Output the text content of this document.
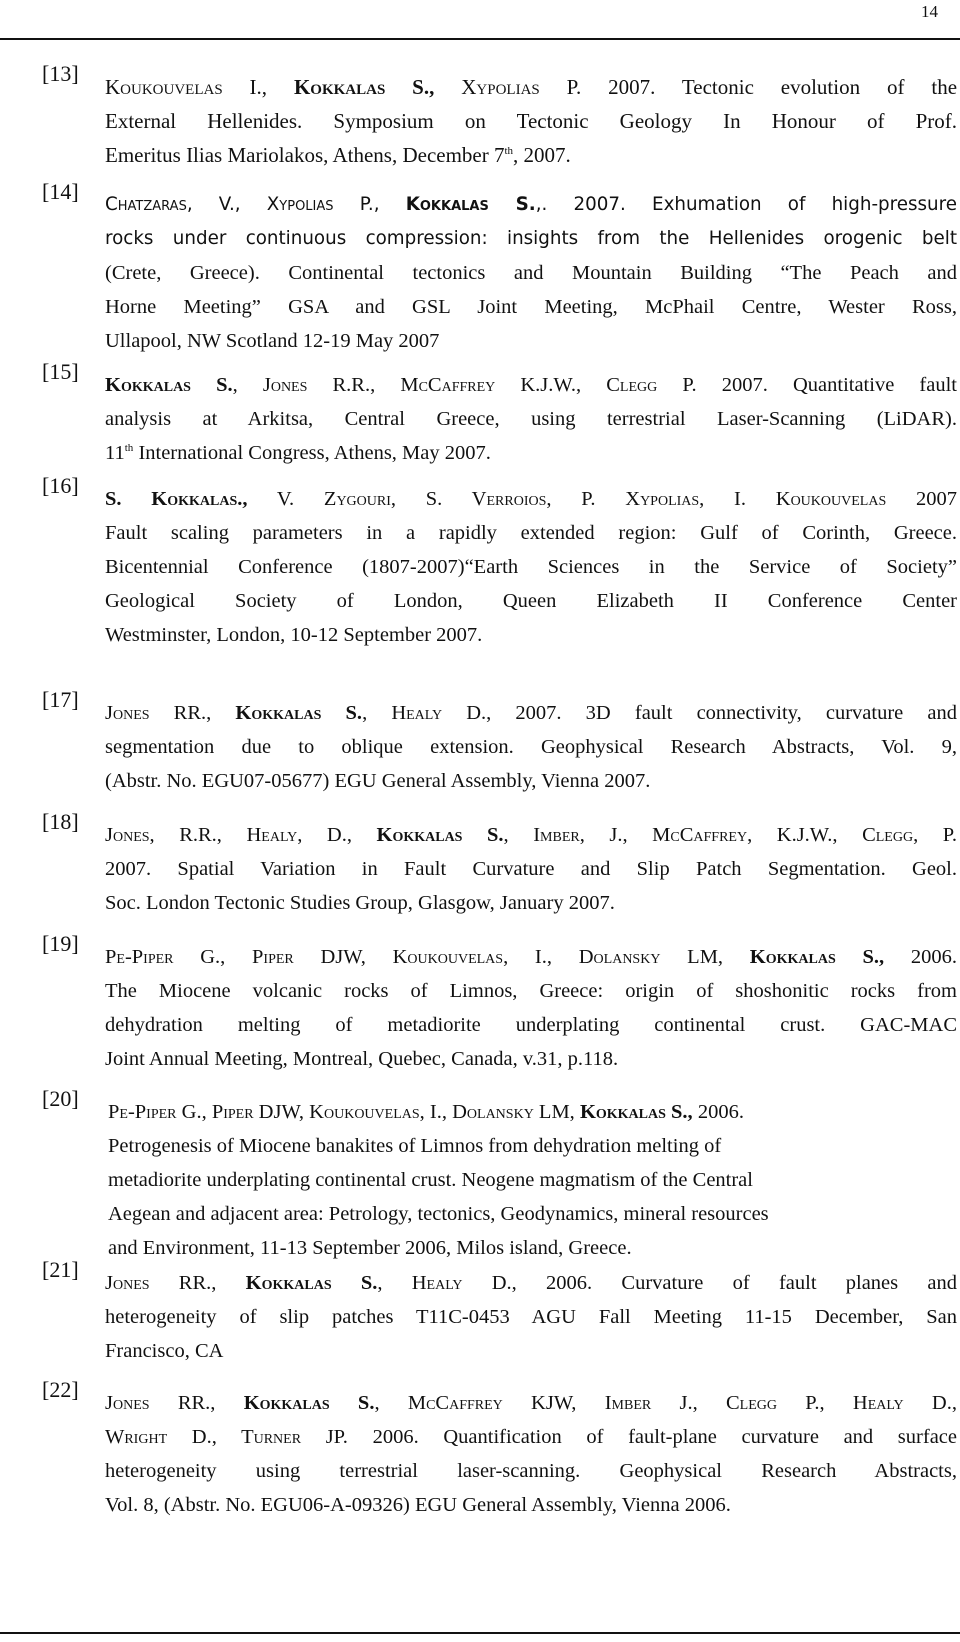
14
[13]
Koukouvelas I., Kokkalas S., Xypolias P. 2007. Tectonic evolution of the
External Hellenides. Symposium on Tectonic Geology In Honour of Prof.
Emeritus Ilias Mariolakos, Athens, December 7th, 2007.
[14]
Chatzaras, V., Xypolias P., Kokkalas S.,. 2007. Exhumation of high-pressure
rocks under continuous compression: insights from the Hellenides orogenic belt
(Crete, Greece). Continental tectonics and Mountain Building “The Peach and
Horne Meeting” GSA and GSL Joint Meeting, McPhail Centre, Wester Ross,
Ullapool, NW Scotland 12-19 May 2007
[15]
Kokkalas S., Jones R.R., McCaffrey K.J.W., Clegg P. 2007. Quantitative fault
analysis at Arkitsa, Central Greece, using terrestrial Laser-Scanning (LiDAR).
11th International Congress, Athens, May 2007.
[16]
S. Kokkalas., V. Zygouri, S. Verroios, P. Xypolias, I. Koukouvelas 2007
Fault scaling parameters in a rapidly extended region: Gulf of Corinth, Greece.
Bicentennial Conference (1807-2007)“Earth Sciences in the Service of Society”
Geological Society of London, Queen Elizabeth II Conference Center
Westminster, London, 10-12 September 2007.
[17]
Jones RR., Kokkalas S., Healy D., 2007. 3D fault connectivity, curvature and
segmentation due to oblique extension. Geophysical Research Abstracts, Vol. 9,
(Abstr. No. EGU07-05677) EGU General Assembly, Vienna 2007.
[18]
Jones, R.R., Healy, D., Kokkalas S., Imber, J., McCaffrey, K.J.W., Clegg, P.
2007. Spatial Variation in Fault Curvature and Slip Patch Segmentation. Geol.
Soc. London Tectonic Studies Group, Glasgow, January 2007.
[19]
Pe-Piper G., Piper DJW, Koukouvelas, I., Dolansky LM, Kokkalas S., 2006.
The Miocene volcanic rocks of Limnos, Greece: origin of shoshonitic rocks from
dehydration melting of metadiorite underplating continental crust. GAC-MAC
Joint Annual Meeting, Montreal, Quebec, Canada, v.31, p.118.
[20]
Pe-Piper G., Piper DJW, Koukouvelas, I., Dolansky LM, Kokkalas S., 2006.
Petrogenesis of Miocene banakites of Limnos from dehydration melting of
metadiorite underplating continental crust. Neogene magmatism of the Central
Aegean and adjacent area: Petrology, tectonics, Geodynamics, mineral resources
and Environment, 11-13 September 2006, Milos island, Greece.
[21]
Jones RR., Kokkalas S., Healy D., 2006. Curvature of fault planes and
heterogeneity of slip patches T11C-0453 AGU Fall Meeting 11-15 December, San
Francisco, CA
[22]
Jones RR., Kokkalas S., McCaffrey KJW, Imber J., Clegg P., Healy D.,
Wright D., Turner JP. 2006. Quantification of fault-plane curvature and surface
heterogeneity using terrestrial laser-scanning. Geophysical Research Abstracts,
Vol. 8, (Abstr. No. EGU06-A-09326) EGU General Assembly, Vienna 2006.
